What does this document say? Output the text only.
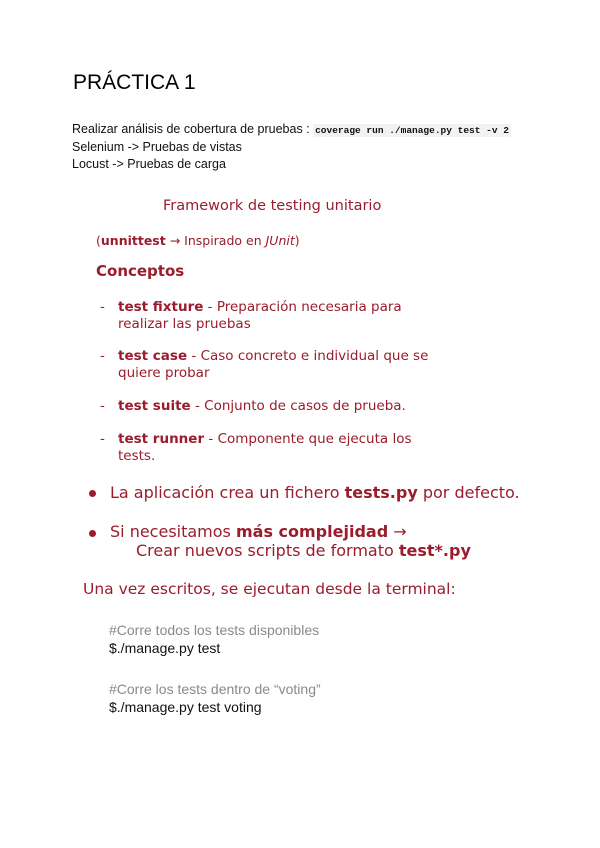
PRÁCTICA 1
Realizar análisis de cobertura de pruebas : coverage run ./manage.py test -v 2
Selenium -> Pruebas de vistas
Locust -> Pruebas de carga
Framework de testing unitario
(unnittest → Inspirado en JUnit)
Conceptos
- test fixture - Preparación necesaria para
realizar las pruebas
- test case - Caso concreto e individual que se
quiere probar
- test suite - Conjunto de casos de prueba.
- test runner - Componente que ejecuta los
tests.
La aplicación crea un fichero tests.py por defecto.
Si necesitamos más complejidad →
Crear nuevos scripts de formato test*.py
Una vez escritos, se ejecutan desde la terminal:
#Corre todos los tests disponibles
$./manage.py test
#Corre los tests dentro de “voting”
$./manage.py test voting
